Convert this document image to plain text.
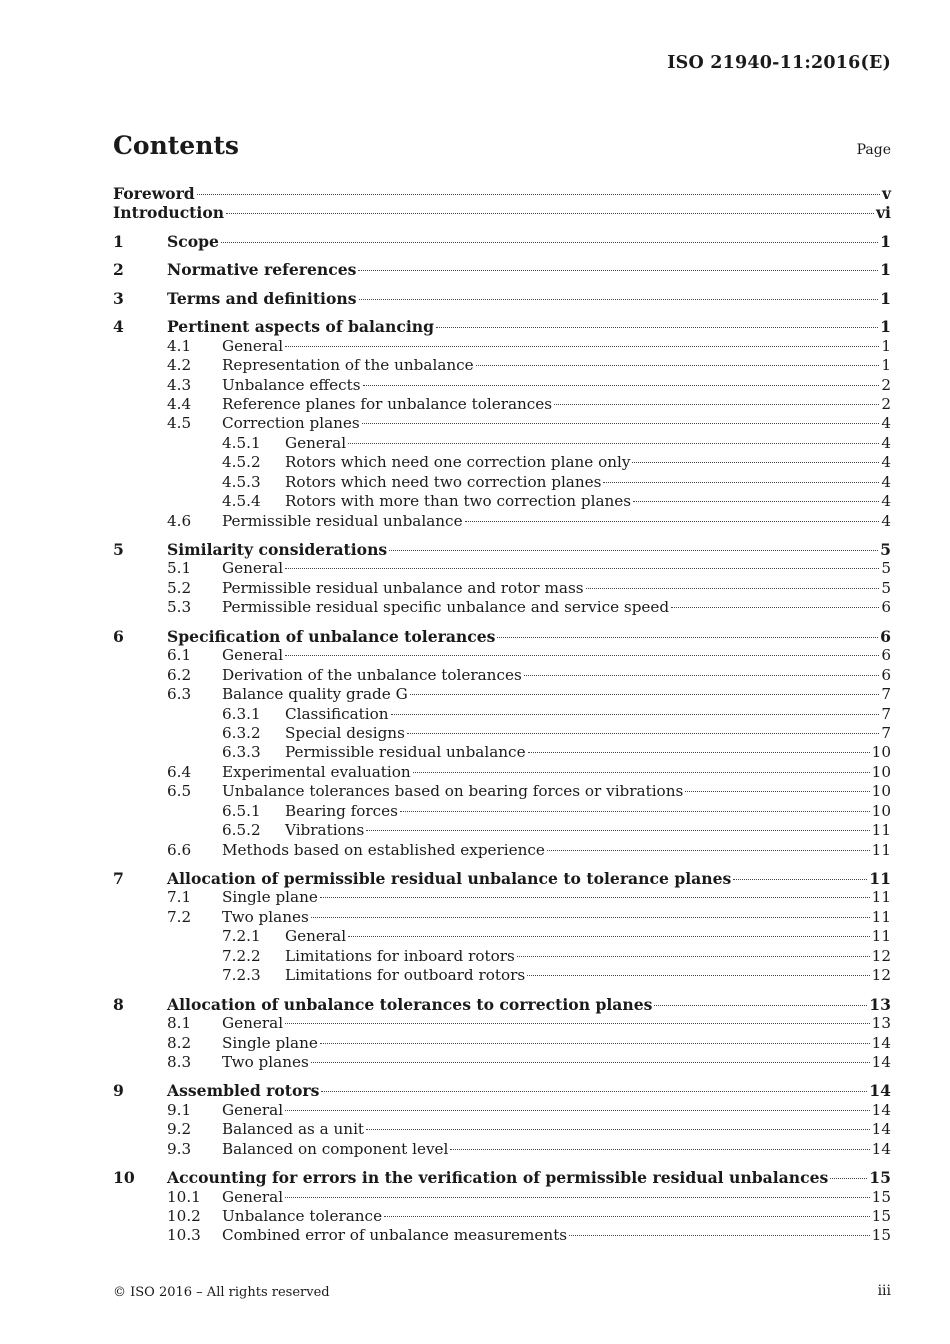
ISO 21940-11:2016(E)
Contents	Page
Foreword	v
Introduction	vi
1	Scope	1
2	Normative references	1
3	Terms and definitions	1
4	Pertinent aspects of balancing	1
4.1	General	1
4.2	Representation of the unbalance	1
4.3	Unbalance effects	2
4.4	Reference planes for unbalance tolerances	2
4.5	Correction planes	4
4.5.1	General	4
4.5.2	Rotors which need one correction plane only	4
4.5.3	Rotors which need two correction planes	4
4.5.4	Rotors with more than two correction planes	4
4.6	Permissible residual unbalance	4
5	Similarity considerations	5
5.1	General	5
5.2	Permissible residual unbalance and rotor mass	5
5.3	Permissible residual specific unbalance and service speed	6
6	Specification of unbalance tolerances	6
6.1	General	6
6.2	Derivation of the unbalance tolerances	6
6.3	Balance quality grade G	7
6.3.1	Classification	7
6.3.2	Special designs	7
6.3.3	Permissible residual unbalance	10
6.4	Experimental evaluation	10
6.5	Unbalance tolerances based on bearing forces or vibrations	10
6.5.1	Bearing forces	10
6.5.2	Vibrations	11
6.6	Methods based on established experience	11
7	Allocation of permissible residual unbalance to tolerance planes	11
7.1	Single plane	11
7.2	Two planes	11
7.2.1	General	11
7.2.2	Limitations for inboard rotors	12
7.2.3	Limitations for outboard rotors	12
8	Allocation of unbalance tolerances to correction planes	13
8.1	General	13
8.2	Single plane	14
8.3	Two planes	14
9	Assembled rotors	14
9.1	General	14
9.2	Balanced as a unit	14
9.3	Balanced on component level	14
10	Accounting for errors in the verification of permissible residual unbalances	15
10.1	General	15
10.2	Unbalance tolerance	15
10.3	Combined error of unbalance measurements	15
© ISO 2016 – All rights reserved	iii
